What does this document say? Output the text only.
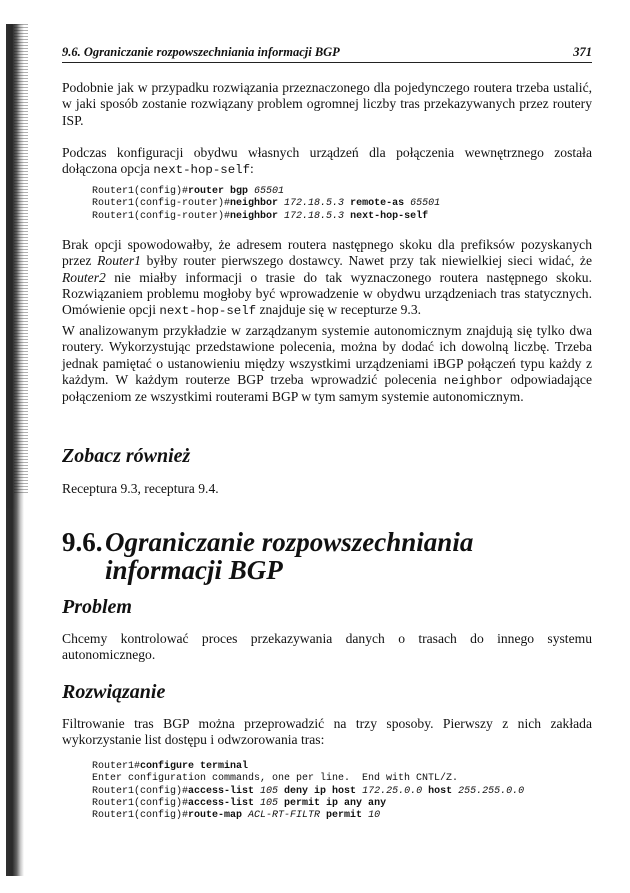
9.6. Ograniczanie rozpowszechniania informacji BGP	371

Podobnie jak w przypadku rozwiązania przeznaczonego dla pojedynczego routera trzeba ustalić, w jaki sposób zostanie rozwiązany problem ogromnej liczby tras przekazywanych przez routery ISP.

Podczas konfiguracji obydwu własnych urządzeń dla połączenia wewnętrznego została dołączona opcja next-hop-self:

Router1(config)#router bgp 65501
Router1(config-router)#neighbor 172.18.5.3 remote-as 65501
Router1(config-router)#neighbor 172.18.5.3 next-hop-self

Brak opcji spowodowałby, że adresem routera następnego skoku dla prefiksów pozyskanych przez Router1 byłby router pierwszego dostawcy. Nawet przy tak niewielkiej sieci widać, że Router2 nie miałby informacji o trasie do tak wyznaczonego routera następnego skoku. Rozwiązaniem problemu mogłoby być wprowadzenie w obydwu urządzeniach tras statycznych. Omówienie opcji next-hop-self znajduje się w recepturze 9.3.

W analizowanym przykładzie w zarządzanym systemie autonomicznym znajdują się tylko dwa routery. Wykorzystując przedstawione polecenia, można by dodać ich dowolną liczbę. Trzeba jednak pamiętać o ustanowieniu między wszystkimi urządzeniami iBGP połączeń typu każdy z każdym. W każdym routerze BGP trzeba wprowadzić polecenia neighbor odpowiadające połączeniom ze wszystkimi routerami BGP w tym samym systemie autonomicznym.

Zobacz również

Receptura 9.3, receptura 9.4.

9.6.Ograniczanie rozpowszechniania
informacji BGP
Problem

Chcemy kontrolować proces przekazywania danych o trasach do innego systemu autonomicznego.

Rozwiązanie

Filtrowanie tras BGP można przeprowadzić na trzy sposoby. Pierwszy z nich zakłada wykorzystanie list dostępu i odwzorowania tras:

Router1#configure terminal
Enter configuration commands, one per line.  End with CNTL/Z.
Router1(config)#access-list 105 deny ip host 172.25.0.0 host 255.255.0.0
Router1(config)#access-list 105 permit ip any any
Router1(config)#route-map ACL-RT-FILTR permit 10
